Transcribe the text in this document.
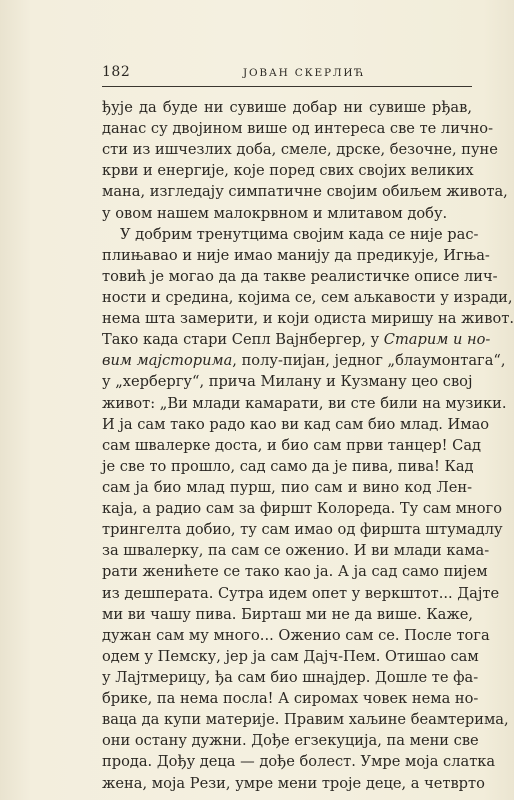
182	ЈОВАН СКЕРЛИЋ
ђује да буде ни сувише добар ни сувише рђав,
данас су двојином више од интереса све те лично-
сти из ишчезлих доба, смеле, дрске, безочне, пуне
крви и енергије, које поред свих својих великих
мана, изгледају симпатичне својим обиљем живота,
у овом нашем малокрвном и млитавом добу.
У добрим тренутцима својим када се није рас-
плињавао и није имао манију да предикује, Игња-
товић је могао да да такве реалистичке описе лич-
ности и средина, којима се, сем аљкавости у изради,
нема шта замерити, и који одиста миришу на живот.
Тако када стари Сепл Вајнбергер, у Старим и но-
вим мајсторима, полу-пијан, једног „блаумонтага“,
у „хербергу“, прича Милану и Кузману цео свој
живот: „Ви млади камарати, ви сте били на музики.
И ја сам тако радо као ви кад сам био млад. Имао
сам швалерке доста, и био сам први танцер! Сад
је све то прошло, сад само да је пива, пива! Кад
сам ја био млад пурш, пио сам и вино код Лен-
каја, а радио сам за фиршт Колореда. Ту сам много
трингелта добио, ту сам имао од фиршта штумадлу
за швалерку, па сам се оженио. И ви млади кама-
рати женићете се тако као ја. А ја сад само пијем
из дешперата. Сутра идем опет у веркштот... Дајте
ми ви чашу пива. Бирташ ми не да више. Каже,
дужан сам му много... Оженио сам се. После тога
одем у Пемску, јер ја сам Дајч-Пем. Отишао сам
у Лајтмерицу, ђа сам био шнајдер. Дошле те фа-
брике, па нема посла! А сиромах човек нема но-
ваца да купи материје. Правим хаљине беамтерима,
они остану дужни. Дође егзекуција, па мени све
прода. Дођу деца — дође болест. Умре моја слатка
жена, моја Рези, умре мени троје деце, а четврто
